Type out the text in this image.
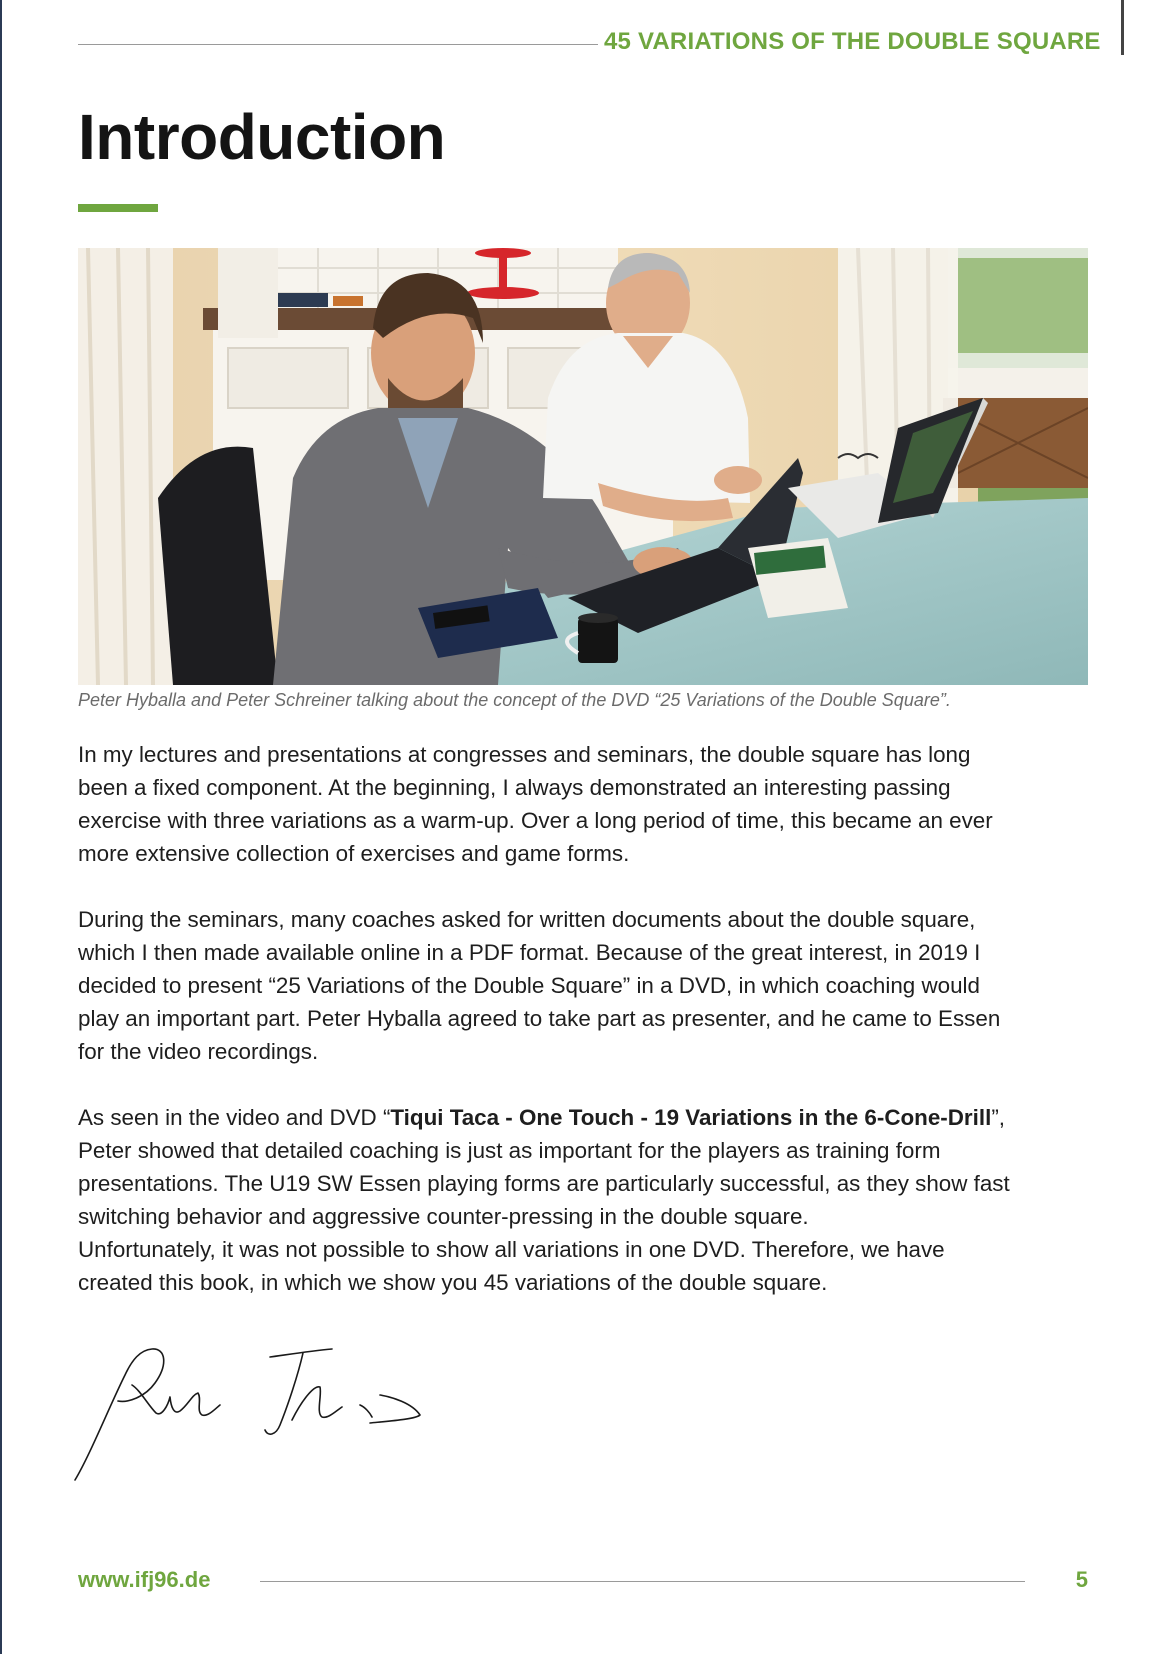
45 VARIATIONS OF THE DOUBLE SQUARE
Introduction
Peter Hyballa and Peter Schreiner talking about the concept of the DVD “25 Variations of the Double Square”.

In my lectures and presentations at congresses and seminars, the double square has long
been a fixed component. At the beginning, I always demonstrated an interesting passing
exercise with three variations as a warm-up. Over a long period of time, this became an ever
more extensive collection of exercises and game forms.

During the seminars, many coaches asked for written documents about the double square,
which I then made available online in a PDF format. Because of the great interest, in 2019 I
decided to present “25 Variations of the Double Square” in a DVD, in which coaching would
play an important part. Peter Hyballa agreed to take part as presenter, and he came to Essen
for the video recordings.

As seen in the video and DVD “Tiqui Taca - One Touch - 19 Variations in the 6-Cone-Drill”,
Peter showed that detailed coaching is just as important for the players as training form
presentations. The U19 SW Essen playing forms are particularly successful, as they show fast
switching behavior and aggressive counter-pressing in the double square.
Unfortunately, it was not possible to show all variations in one DVD. Therefore, we have
created this book, in which we show you 45 variations of the double square.

www.ifj96.de	5
